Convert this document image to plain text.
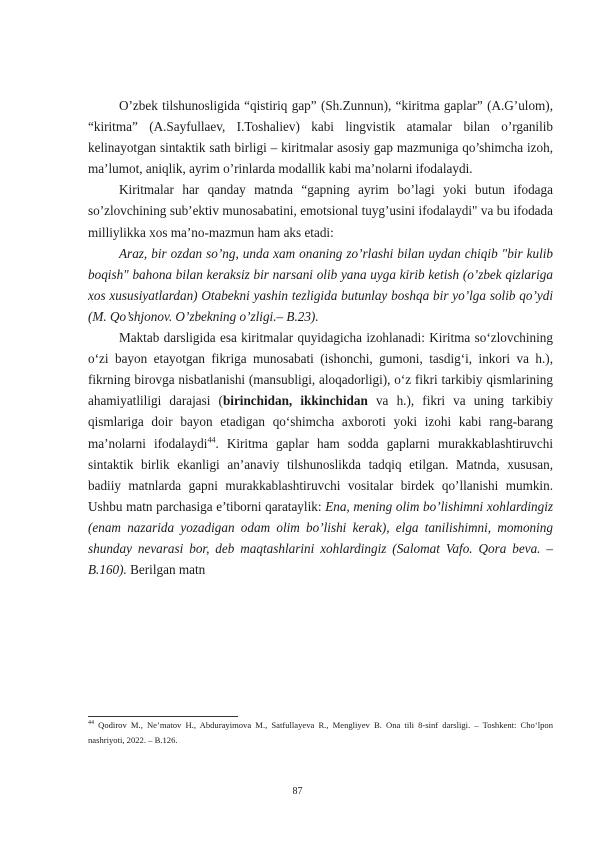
O’zbek tilshunosligida “qistiriq gap” (Sh.Zunnun), “kiritma gaplar” (A.G’ulom), “kiritma” (A.Sayfullaev, I.Toshaliev) kabi lingvistik atamalar bilan o’rganilib kelinayotgan sintaktik sath birligi – kiritmalar asosiy gap mazmuniga qo’shimcha izoh, ma’lumot, aniqlik, ayrim o’rinlarda modallik kabi ma’nolarni ifodalaydi.

Kiritmalar har qanday matnda “gapning ayrim bo’lagi yoki butun ifodaga so’zlovchining sub’ektiv munosabatini, emotsional tuyg’usini ifodalaydi" va bu ifodada milliylikka xos ma’no-mazmun ham aks etadi:

Araz, bir ozdan so’ng, unda xam onaning zo’rlashi bilan uydan chiqib "bir kulib boqish" bahona bilan keraksiz bir narsani olib yana uyga kirib ketish (o’zbek qizlariga xos xususiyatlardan) Otabekni yashin tezligida butunlay boshqa bir yo’lga solib qo’ydi (M. Qo’shjonov. O’zbekning o’zligi.– B.23).

Maktab darsligida esa kiritmalar quyidagicha izohlanadi: Kiritma so‘zlovchining o‘zi bayon etayotgan fikriga munosabati (ishonchi, gumoni, tasdig‘i, inkori va h.), fikrning birovga nisbatlanishi (mansubligi, aloqadorligi), o‘z fikri tarkibiy qismlarining ahamiyatliligi darajasi (birinchidan, ikkinchidan va h.), fikri va uning tarkibiy qismlariga doir bayon etadigan qo‘shimcha axboroti yoki izohi kabi rang-barang ma’nolarni ifodalaydi$^{44}$. Kiritma gaplar ham sodda gaplarni murakkablashtiruvchi sintaktik birlik ekanligi an’anaviy tilshunoslikda tadqiq etilgan. Matnda, xususan, badiiy matnlarda gapni murakkablashtiruvchi vositalar birdek qo’llanishi mumkin. Ushbu matn parchasiga e’tiborni qarataylik: Ena, mening olim bo’lishimni xohlardingiz (enam nazarida yozadigan odam olim bo’lishi kerak), elga tanilishimni, momoning shunday nevarasi bor, deb maqtashlarini xohlardingiz (Salomat Vafo. Qora beva. –B.160). Berilgan matn

$^{44}$ Qodirov M., Ne’matov H., Abdurayimova M., Satfullayeva R., Mengliyev B. Ona tili 8-sinf darsligi. – Toshkent: Cho‘lpon nashriyoti, 2022. – B.126.
87
